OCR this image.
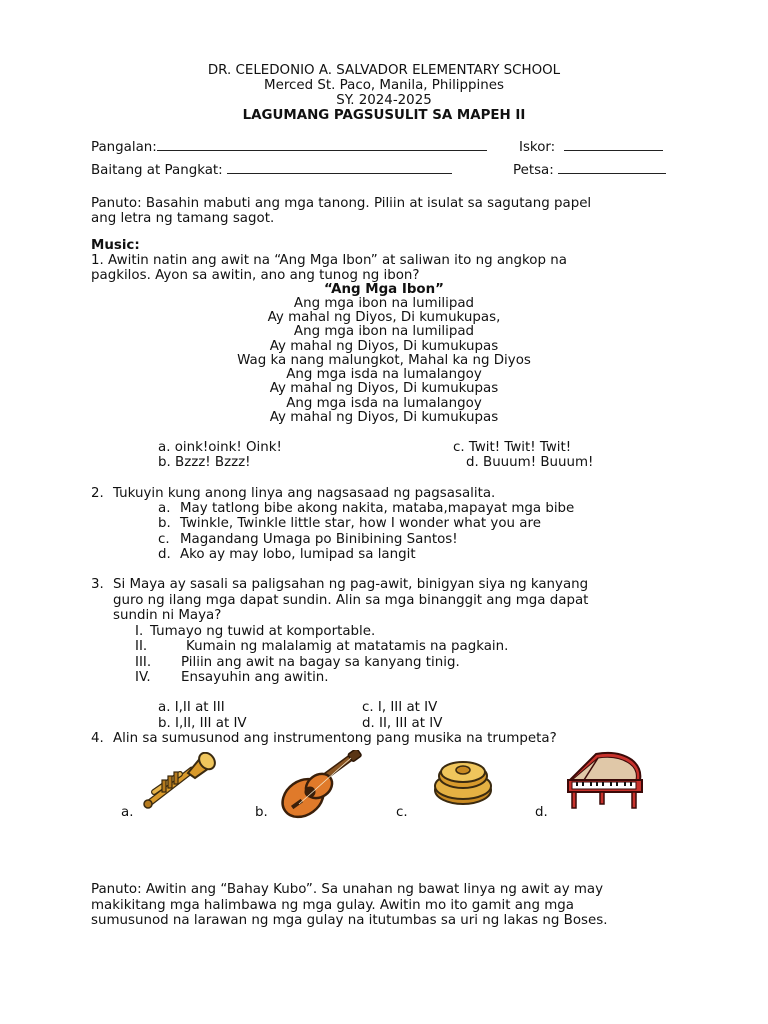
DR. CELEDONIO A. SALVADOR ELEMENTARY SCHOOL
Merced St. Paco, Manila, Philippines
SY. 2024-2025
LAGUMANG PAGSUSULIT SA MAPEH II
Pangalan:	Iskor:
Baitang at Pangkat:	Petsa:
Panuto: Basahin mabuti ang mga tanong. Piliin at isulat sa sagutang papel
ang letra ng tamang sagot.
Music:
1. Awitin natin ang awit na “Ang Mga Ibon” at saliwan ito ng angkop na
pagkilos. Ayon sa awitin, ano ang tunog ng ibon?
“Ang Mga Ibon”
Ang mga ibon na lumilipad
Ay mahal ng Diyos, Di kumukupas,
Ang mga ibon na lumilipad
Ay mahal ng Diyos, Di kumukupas
Wag ka nang malungkot, Mahal ka ng Diyos
Ang mga isda na lumalangoy
Ay mahal ng Diyos, Di kumukupas
Ang mga isda na lumalangoy
Ay mahal ng Diyos, Di kumukupas
a. oink!oink! Oink!	c. Twit! Twit! Twit!
b. Bzzz! Bzzz!	d. Buuum! Buuum!
2. Tukuyin kung anong linya ang nagsasaad ng pagsasalita.
a. May tatlong bibe akong nakita, mataba,mapayat mga bibe
b. Twinkle, Twinkle little star, how I wonder what you are
c. Magandang Umaga po Binibining Santos!
d. Ako ay may lobo, lumipad sa langit
3. Si Maya ay sasali sa paligsahan ng pag-awit, binigyan siya ng kanyang
guro ng ilang mga dapat sundin. Alin sa mga binanggit ang mga dapat
sundin ni Maya?
I. Tumayo ng tuwid at komportable.
II.	Kumain ng malalamig at matatamis na pagkain.
III. Piliin ang awit na bagay sa kanyang tinig.
IV. Ensayuhin ang awitin.
a. I,II at III	c. I, III at IV
b. I,II, III at IV	d. II, III at IV
4. Alin sa sumusunod ang instrumentong pang musika na trumpeta?
a.	b.	c.	d.
Panuto: Awitin ang “Bahay Kubo”. Sa unahan ng bawat linya ng awit ay may
makikitang mga halimbawa ng mga gulay. Awitin mo ito gamit ang mga
sumusunod na larawan ng mga gulay na itutumbas sa uri ng lakas ng Boses.
